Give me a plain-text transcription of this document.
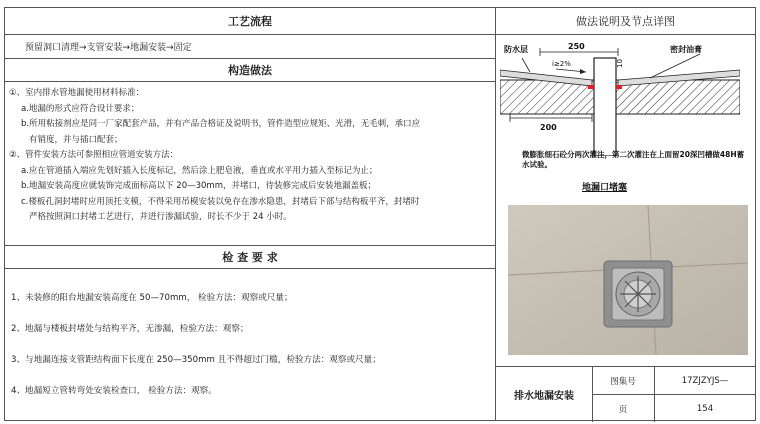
工艺流程
预留洞口清理→支管安装→地漏安装→固定
构造做法
①、室内排水管地漏使用材料标准：
a.地漏的形式应符合设计要求；
b.所用粘接剂应是同一厂家配套产品，并有产品合格证及说明书，管件造型应规矩、光滑，无毛刺，承口应
有销度，并与插口配套；
②、管件安装方法可参照相应管道安装方法：
a.应在管道插入端应先划好插入长度标记，然后涂上肥皂液，垂直或水平用力插入至标记为止；
b.地漏安装高度应就装饰完成面标高以下 20—30mm，并堵口，待装修完成后安装地漏盖板；
c.楼板孔洞封堵时应用顶托支模，不得采用吊模安装以免存在渗水隐患，封堵后下部与结构板平齐，封堵时
严格按照洞口封堵工艺进行，并进行渗漏试验，时长不少于 24 小时。
检 查 要 求

1、未装修的阳台地漏安装高度在 50—70mm， 检验方法：观察或尺量；

2、地漏与楼板封堵处与结构平齐，无渗漏，检验方法：观察；

3、与地漏连接支管距结构面下长度在 250—350mm 且不得超过门槛，检验方法：观察或尺量；

4、地漏短立管转弯处安装检查口， 检验方法：观察。

做法说明及节点详图
防水层	密封油膏
250
200
i≥2%	10
微膨胀细石砼分两次灌注，第二次灌注在上面留20深凹槽做48H蓄水试验。
地漏口堵塞
排水地漏安装
图集号	17ZJZYJS—
页	154
